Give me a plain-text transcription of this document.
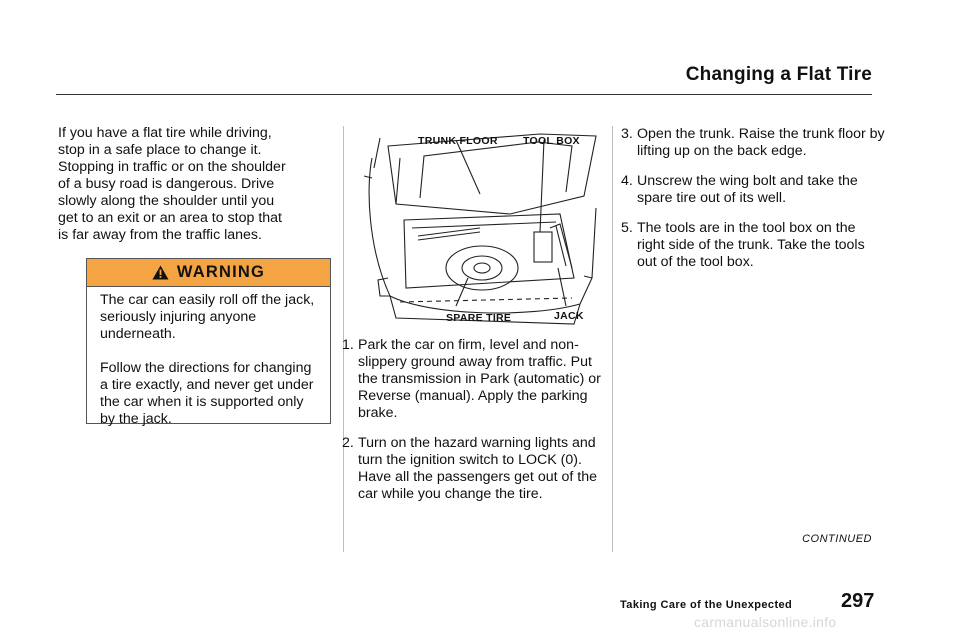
Changing a Flat Tire
If you have a flat tire while driving,
stop in a safe place to change it.
Stopping in traffic or on the shoulder
of a busy road is dangerous. Drive
slowly along the shoulder until you
get to an exit or an area to stop that
is far away from the traffic lanes.
WARNING

The car can easily roll off the jack, seriously injuring anyone underneath.

Follow the directions for changing a tire exactly, and never get under the car when it is supported only by the jack.

TRUNK FLOOR TOOL BOX
SPARE TIRE	JACK
1. Park the car on firm, level and non-slippery ground away from traffic. Put the transmission in Park (automatic) or Reverse (manual). Apply the parking brake.
2. Turn on the hazard warning lights and turn the ignition switch to LOCK (0). Have all the passengers get out of the car while you change the tire.
3. Open the trunk. Raise the trunk floor by lifting up on the back edge.
4. Unscrew the wing bolt and take the spare tire out of its well.
5. The tools are in the tool box on the right side of the trunk. Take the tools out of the tool box.
CONTINUED
Taking Care of the Unexpected 297
carmanualsonline.info
